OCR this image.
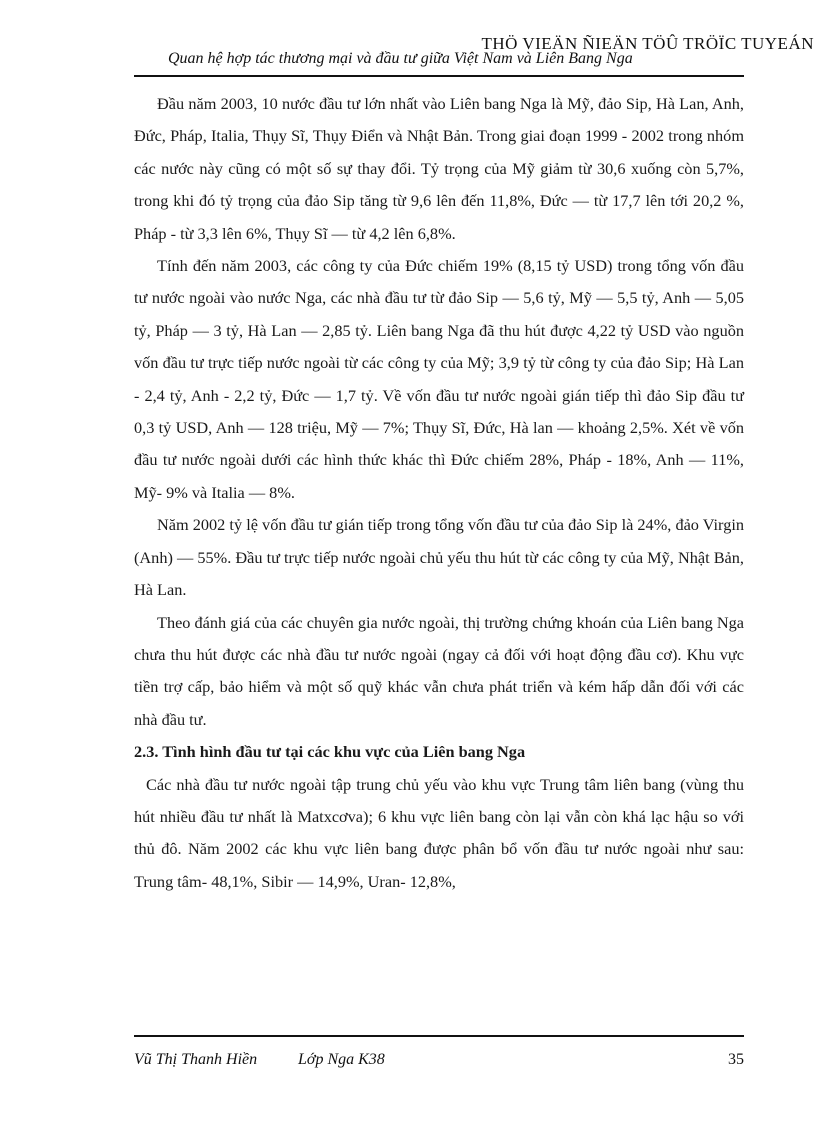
THÖ VIEÄN ÑIEÄN TÖÛ TRÖÏC TUYEÁN
Quan hệ hợp tác thương mại và đầu tư giữa Việt Nam và Liên Bang Nga

Đầu năm 2003, 10 nước đầu tư lớn nhất vào Liên bang Nga là Mỹ, đảo Sip, Hà Lan, Anh, Đức, Pháp, Italia, Thụy Sĩ, Thụy Điển và Nhật Bản. Trong giai đoạn 1999 - 2002 trong nhóm các nước này cũng có một số sự thay đổi. Tỷ trọng của Mỹ giảm từ 30,6 xuống còn 5,7%, trong khi đó tỷ trọng của đảo Sip tăng từ 9,6 lên đến 11,8%, Đức — từ 17,7 lên tới 20,2 %, Pháp - từ 3,3 lên 6%, Thụy Sĩ — từ 4,2 lên 6,8%.

Tính đến năm 2003, các công ty của Đức chiếm 19% (8,15 tỷ USD) trong tổng vốn đầu tư nước ngoài vào nước Nga, các nhà đầu tư từ đảo Sip — 5,6 tỷ, Mỹ — 5,5 tỷ, Anh — 5,05 tỷ, Pháp — 3 tỷ, Hà Lan — 2,85 tỷ. Liên bang Nga đã thu hút được 4,22 tỷ USD vào nguồn vốn đầu tư trực tiếp nước ngoài từ các công ty của Mỹ; 3,9 tỷ từ công ty của đảo Sip; Hà Lan - 2,4 tỷ, Anh - 2,2 tỷ, Đức — 1,7 tỷ. Về vốn đầu tư nước ngoài gián tiếp thì đảo Sip đầu tư 0,3 tỷ USD, Anh — 128 triệu, Mỹ — 7%; Thụy Sĩ, Đức, Hà lan — khoảng 2,5%. Xét về vốn đầu tư nước ngoài dưới các hình thức khác thì Đức chiếm 28%, Pháp - 18%, Anh — 11%, Mỹ- 9% và Italia — 8%.

Năm 2002 tỷ lệ vốn đầu tư gián tiếp trong tổng vốn đầu tư của đảo Sip là 24%, đảo Virgin (Anh) — 55%. Đầu tư trực tiếp nước ngoài chủ yếu thu hút từ các công ty của Mỹ, Nhật Bản, Hà Lan.

Theo đánh giá của các chuyên gia nước ngoài, thị trường chứng khoán của Liên bang Nga chưa thu hút được các nhà đầu tư nước ngoài (ngay cả đối với hoạt động đầu cơ). Khu vực tiền trợ cấp, bảo hiểm và một số quỹ khác vẫn chưa phát triển và kém hấp dẫn đối với các nhà đầu tư.

2.3. Tình hình đầu tư tại các khu vực của Liên bang Nga

Các nhà đầu tư nước ngoài tập trung chủ yếu vào khu vực Trung tâm liên bang (vùng thu hút nhiều đầu tư nhất là Matxcơva); 6 khu vực liên bang còn lại vẫn còn khá lạc hậu so với thủ đô. Năm 2002 các khu vực liên bang được phân bổ vốn đầu tư nước ngoài như sau: Trung tâm- 48,1%, Sibir — 14,9%, Uran- 12,8%,

Vũ Thị Thanh Hiền	Lớp Nga K38	35
